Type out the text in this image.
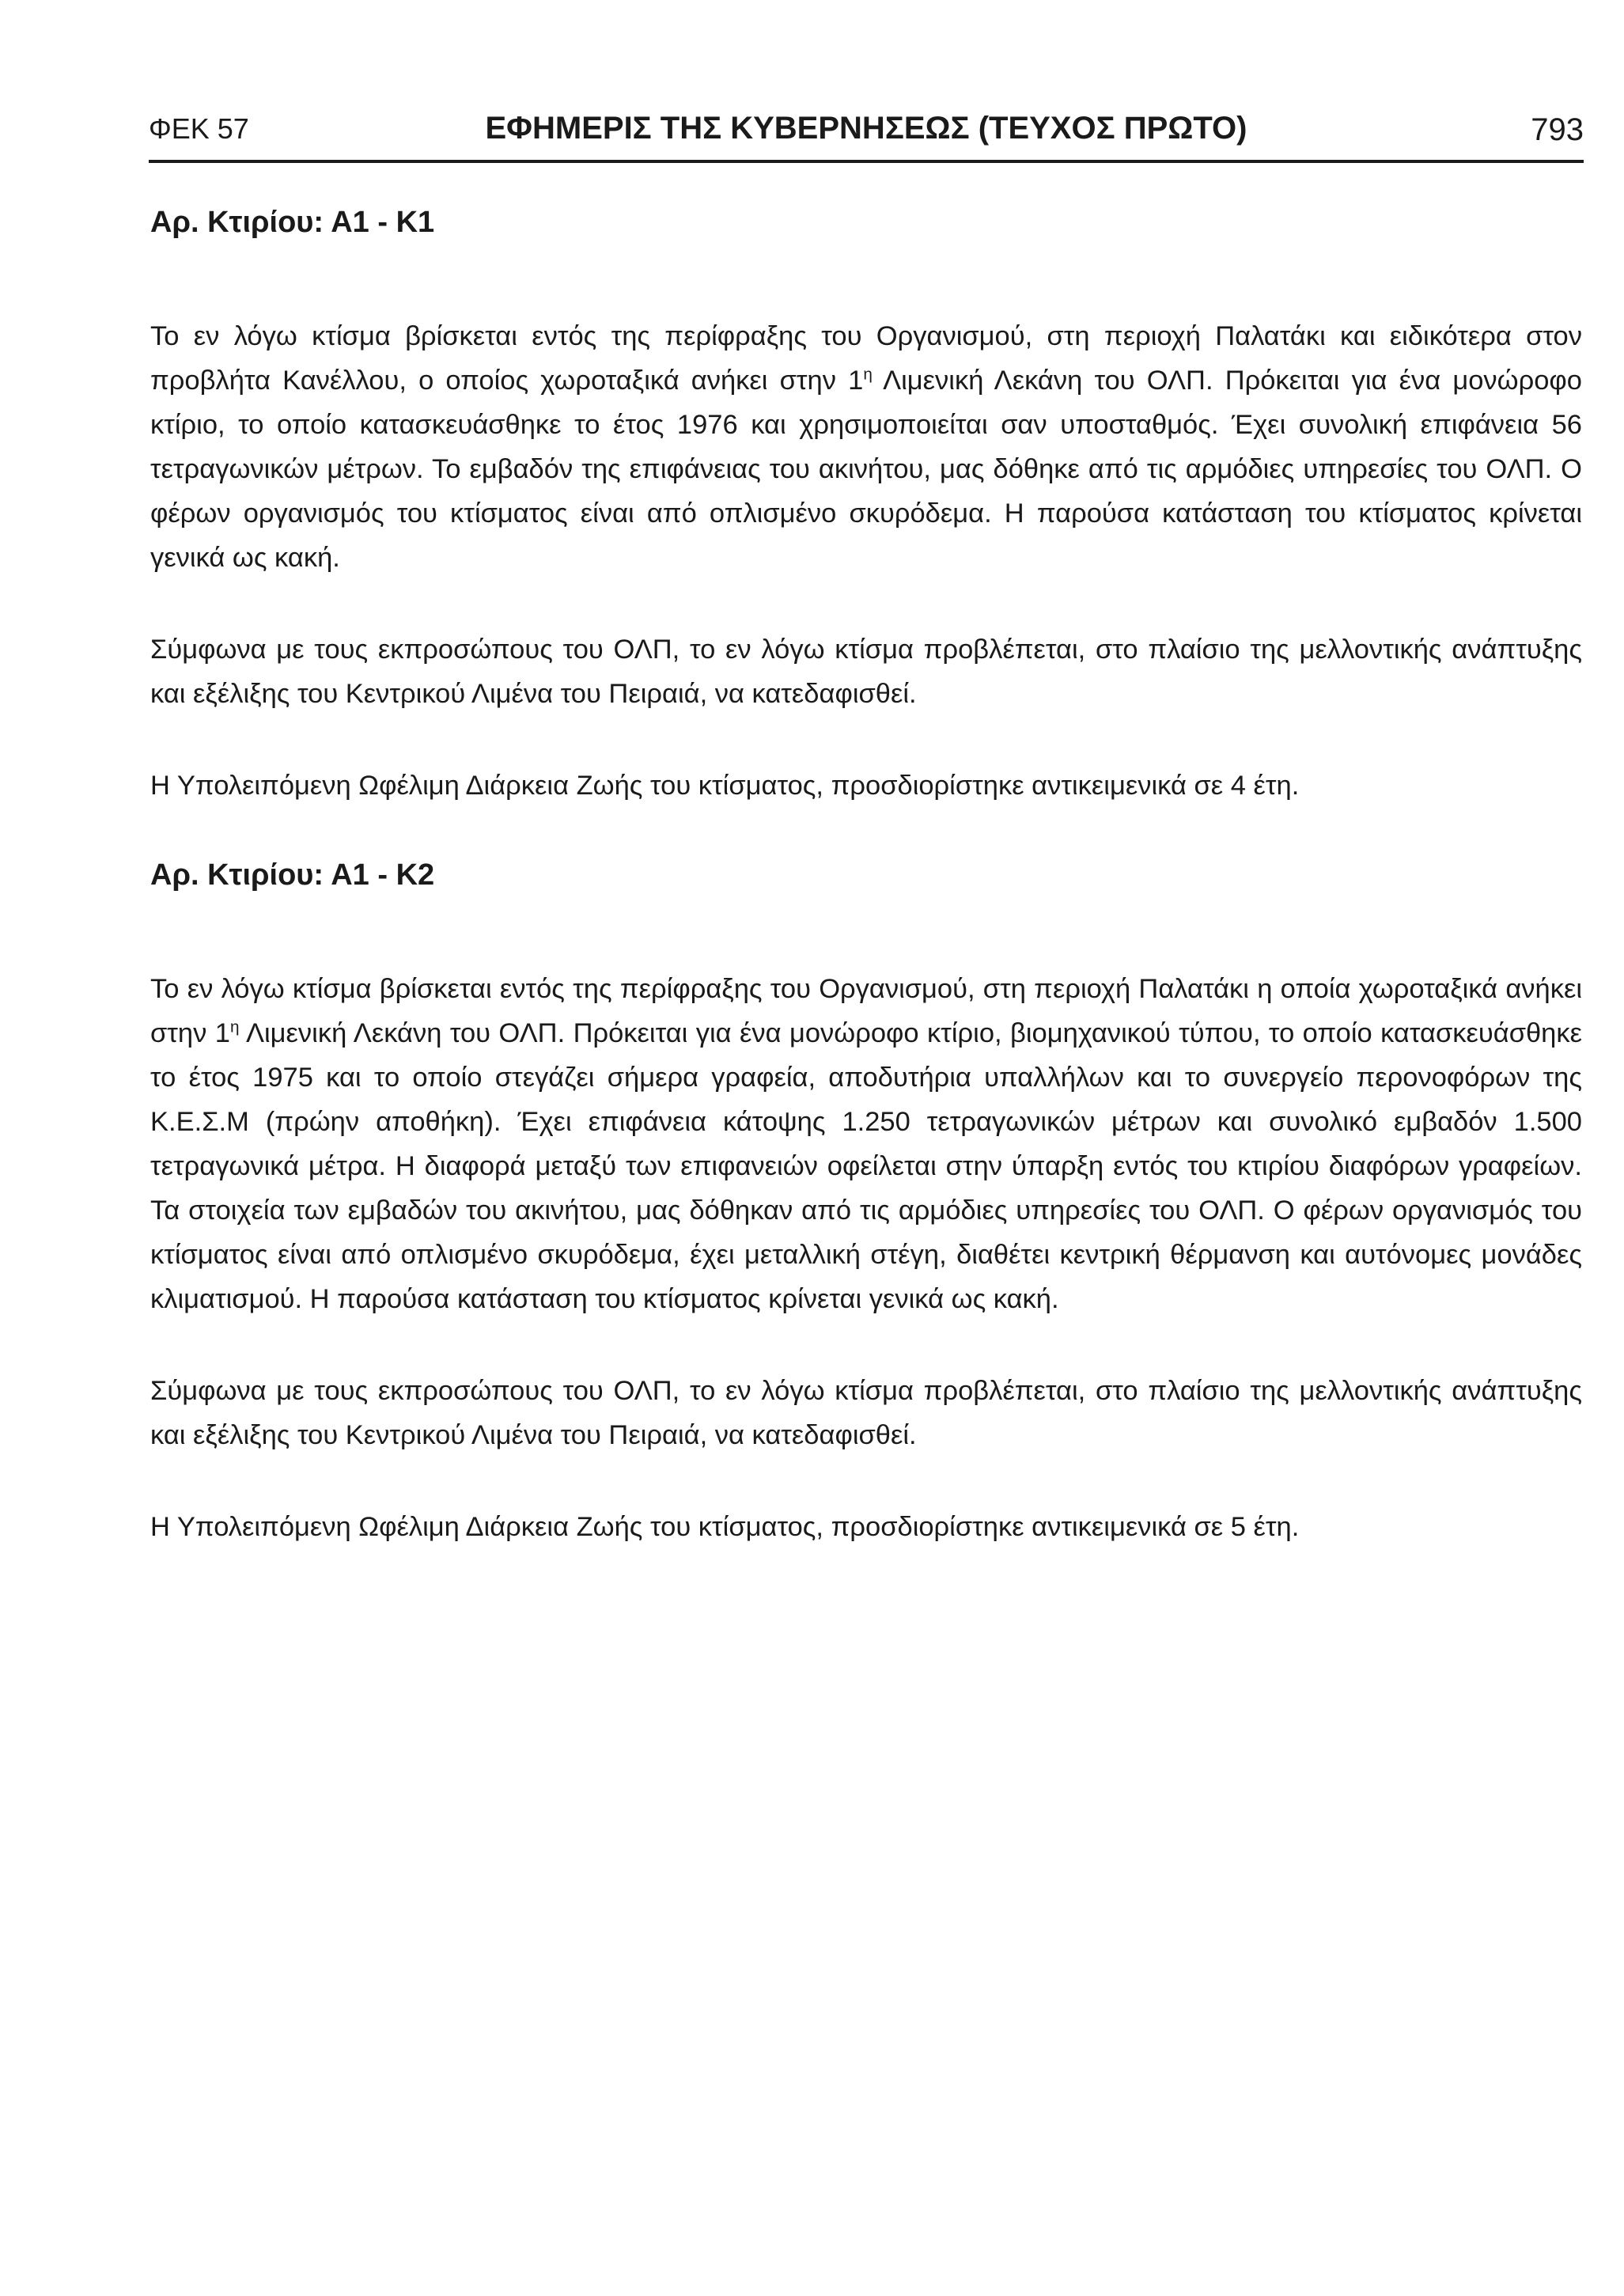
ΦΕΚ 57	ΕΦΗΜΕΡΙΣ ΤΗΣ ΚΥΒΕΡΝΗΣΕΩΣ (ΤΕΥΧΟΣ ΠΡΩΤΟ)	793
Αρ. Κτιρίου: Α1 - Κ1

Το εν λόγω κτίσμα βρίσκεται εντός της περίφραξης του Οργανισμού, στη περιοχή Παλατάκι και ειδικότερα στον προβλήτα Κανέλλου, ο οποίος χωροταξικά ανήκει στην $1^\eta$ Λιμενική Λεκάνη του ΟΛΠ. Πρόκειται για ένα μονώροφο κτίριο, το οποίο κατασκευάσθηκε το έτος 1976 και χρησιμοποιείται σαν υποσταθμός. Έχει συνολική επιφάνεια 56 τετραγωνικών μέτρων. Το εμβαδόν της επιφάνειας του ακινήτου, μας δόθηκε από τις αρμόδιες υπηρεσίες του ΟΛΠ. Ο φέρων οργανισμός του κτίσματος είναι από οπλισμένο σκυρόδεμα. Η παρούσα κατάσταση του κτίσματος κρίνεται γενικά ως κακή.

Σύμφωνα με τους εκπροσώπους του ΟΛΠ, το εν λόγω κτίσμα προβλέπεται, στο πλαίσιο της μελλοντικής ανάπτυξης και εξέλιξης του Κεντρικού Λιμένα του Πειραιά, να κατεδαφισθεί.

Η Υπολειπόμενη Ωφέλιμη Διάρκεια Ζωής του κτίσματος, προσδιορίστηκε αντικειμενικά σε 4 έτη.

Αρ. Κτιρίου: Α1 - Κ2

Το εν λόγω κτίσμα βρίσκεται εντός της περίφραξης του Οργανισμού, στη περιοχή Παλατάκι η οποία χωροταξικά ανήκει στην $1^\eta$ Λιμενική Λεκάνη του ΟΛΠ. Πρόκειται για ένα μονώροφο κτίριο, βιομηχανικού τύπου, το οποίο κατασκευάσθηκε το έτος 1975 και το οποίο στεγάζει σήμερα γραφεία, αποδυτήρια υπαλλήλων και το συνεργείο περονοφόρων της Κ.Ε.Σ.Μ (πρώην αποθήκη). Έχει επιφάνεια κάτοψης 1.250 τετραγωνικών μέτρων και συνολικό εμβαδόν 1.500 τετραγωνικά μέτρα. Η διαφορά μεταξύ των επιφανειών οφείλεται στην ύπαρξη εντός του κτιρίου διαφόρων γραφείων. Τα στοιχεία των εμβαδών του ακινήτου, μας δόθηκαν από τις αρμόδιες υπηρεσίες του ΟΛΠ. Ο φέρων οργανισμός του κτίσματος είναι από οπλισμένο σκυρόδεμα, έχει μεταλλική στέγη, διαθέτει κεντρική θέρμανση και αυτόνομες μονάδες κλιματισμού. Η παρούσα κατάσταση του κτίσματος κρίνεται γενικά ως κακή.

Σύμφωνα με τους εκπροσώπους του ΟΛΠ, το εν λόγω κτίσμα προβλέπεται, στο πλαίσιο της μελλοντικής ανάπτυξης και εξέλιξης του Κεντρικού Λιμένα του Πειραιά, να κατεδαφισθεί.

Η Υπολειπόμενη Ωφέλιμη Διάρκεια Ζωής του κτίσματος, προσδιορίστηκε αντικειμενικά σε 5 έτη.
